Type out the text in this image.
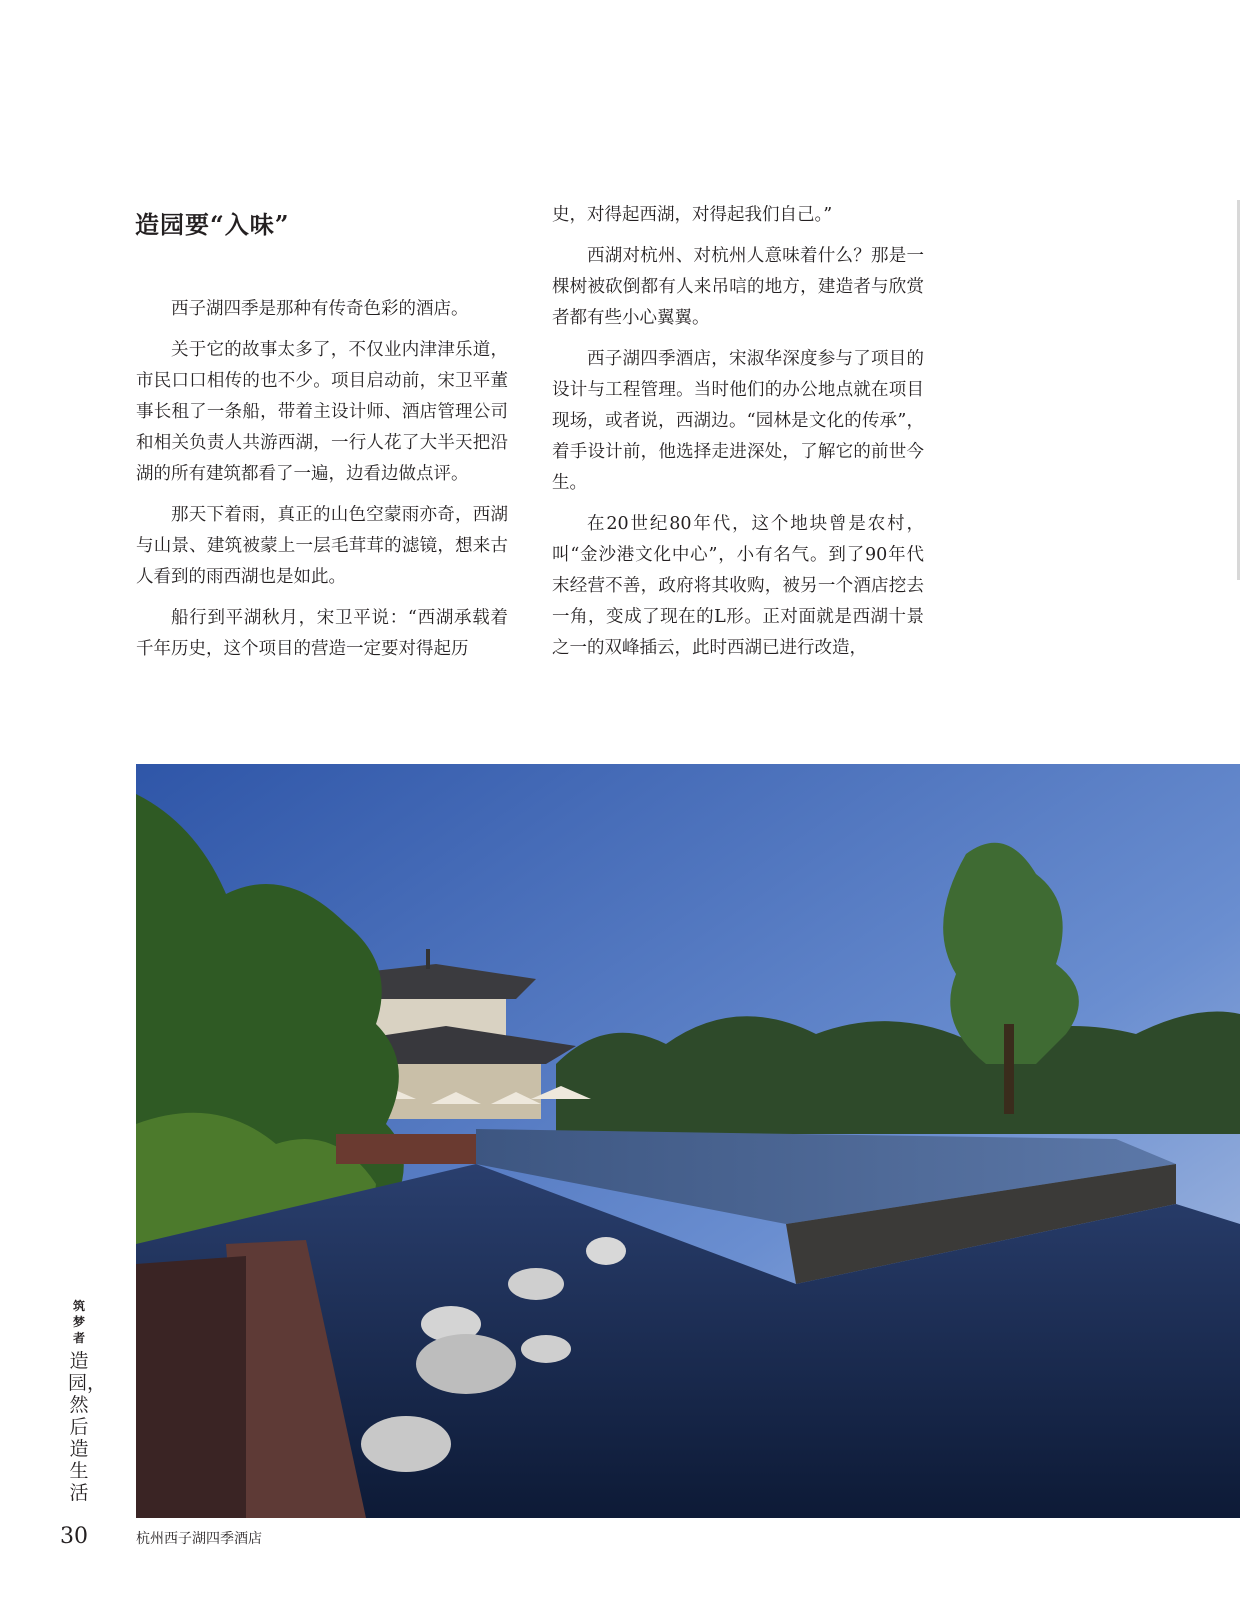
造园要“入味”

西子湖四季是那种有传奇色彩的酒店。

关于它的故事太多了，不仅业内津津乐道，市民口口相传的也不少。项目启动前，宋卫平董事长租了一条船，带着主设计师、酒店管理公司和相关负责人共游西湖，一行人花了大半天把沿湖的所有建筑都看了一遍，边看边做点评。

那天下着雨，真正的山色空蒙雨亦奇，西湖与山景、建筑被蒙上一层毛茸茸的滤镜，想来古人看到的雨西湖也是如此。

船行到平湖秋月，宋卫平说：“西湖承载着千年历史，这个项目的营造一定要对得起历

史，对得起西湖，对得起我们自己。”

西湖对杭州、对杭州人意味着什么？那是一棵树被砍倒都有人来吊唁的地方，建造者与欣赏者都有些小心翼翼。

西子湖四季酒店，宋淑华深度参与了项目的设计与工程管理。当时他们的办公地点就在项目现场，或者说，西湖边。“园林是文化的传承”，着手设计前，他选择走进深处，了解它的前世今生。

在20世纪80年代，这个地块曾是农村，叫“金沙港文化中心”，小有名气。到了90年代末经营不善，政府将其收购，被另一个酒店挖去一角，变成了现在的L形。正对面就是西湖十景之一的双峰插云，此时西湖已进行改造，

筑梦者
造园，然后造生活
30	杭州西子湖四季酒店
